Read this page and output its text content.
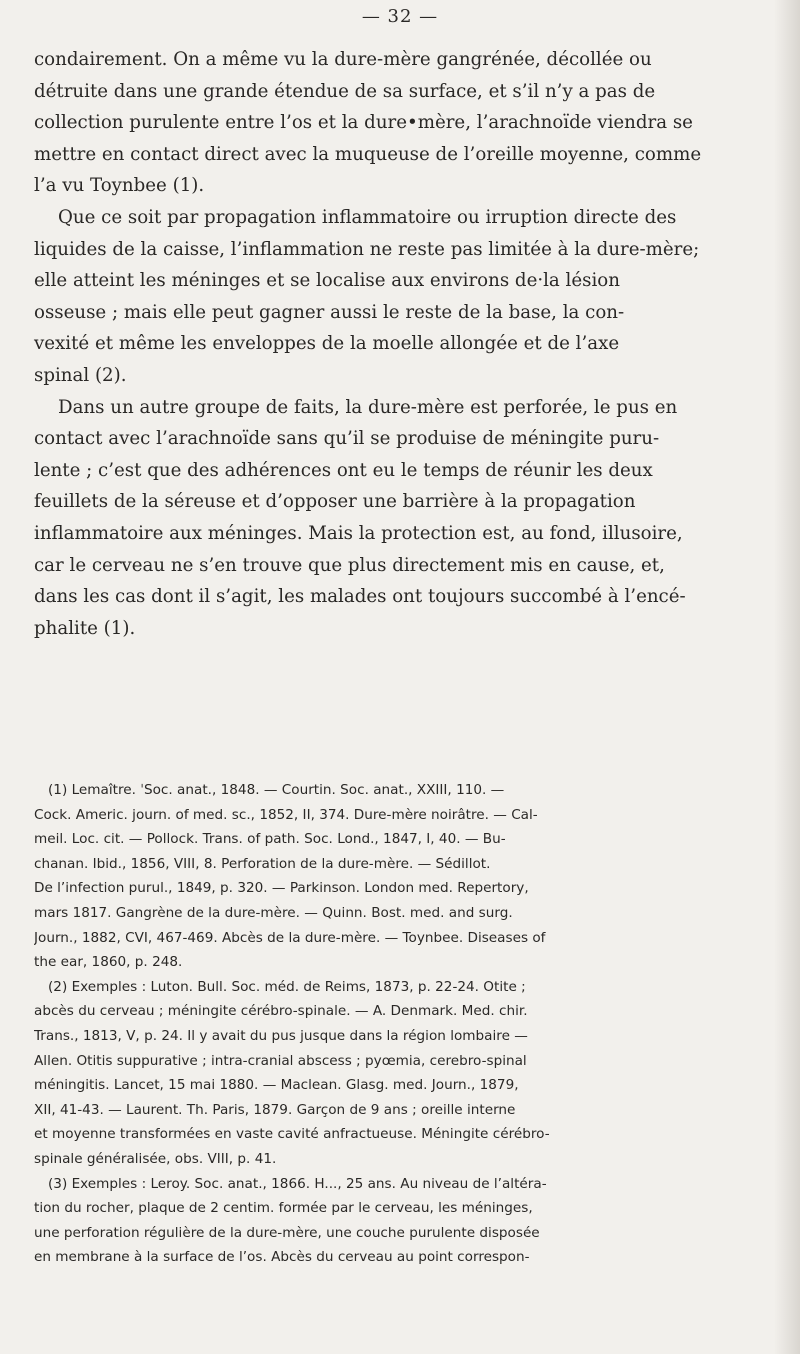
— 32 —

condairement. On a même vu la dure-mère gangrénée, décollée ou
détruite dans une grande étendue de sa surface, et s’il n’y a pas de
collection purulente entre l’os et la dure•mère, l’arachnoïde viendra se
mettre en contact direct avec la muqueuse de l’oreille moyenne, comme
l’a vu Toynbee (1).

Que ce soit par propagation inflammatoire ou irruption directe des
liquides de la caisse, l’inflammation ne reste pas limitée à la dure-mère;
elle atteint les méninges et se localise aux environs de·la lésion
osseuse ; mais elle peut gagner aussi le reste de la base, la con-
vexité et même les enveloppes de la moelle allongée et de l’axe
spinal (2).

Dans un autre groupe de faits, la dure-mère est perforée, le pus en
contact avec l’arachnoïde sans qu’il se produise de méningite puru-
lente ; c’est que des adhérences ont eu le temps de réunir les deux
feuillets de la séreuse et d’opposer une barrière à la propagation
inflammatoire aux méninges. Mais la protection est, au fond, illusoire,
car le cerveau ne s’en trouve que plus directement mis en cause, et,
dans les cas dont il s’agit, les malades ont toujours succombé à l’encé-
phalite (1).

(1) Lemaître. ˈSoc. anat., 1848. — Courtin. Soc. anat., XXIII, 110. —
Cock. Americ. journ. of med. sc., 1852, II, 374. Dure-mère noirâtre. — Cal-
meil. Loc. cit. — Pollock. Trans. of path. Soc. Lond., 1847, I, 40. — Bu-
chanan. Ibid., 1856, VIII, 8. Perforation de la dure-mère. — Sédillot.
De l’infection purul., 1849, p. 320. — Parkinson. London med. Repertory,
mars 1817. Gangrène de la dure-mère. — Quinn. Bost. med. and surg.
Journ., 1882, CVI, 467-469. Abcès de la dure-mère. — Toynbee. Diseases of
the ear, 1860, p. 248.
(2) Exemples : Luton. Bull. Soc. méd. de Reims, 1873, p. 22-24. Otite ;
abcès du cerveau ; méningite cérébro-spinale. — A. Denmark. Med. chir.
Trans., 1813, V, p. 24. Il y avait du pus jusque dans la région lombaire —
Allen. Otitis suppurative ; intra-cranial abscess ; pyœmia, cerebro-spinal
méningitis. Lancet, 15 mai 1880. — Maclean. Glasg. med. Journ., 1879,
XII, 41-43. — Laurent. Th. Paris, 1879. Garçon de 9 ans ; oreille interne
et moyenne transformées en vaste cavité anfractueuse. Méningite cérébro-
spinale généralisée, obs. VIII, p. 41.
(3) Exemples : Leroy. Soc. anat., 1866. H..., 25 ans. Au niveau de l’altéra-
tion du rocher, plaque de 2 centim. formée par le cerveau, les méninges,
une perforation régulière de la dure-mère, une couche purulente disposée
en membrane à la surface de l’os. Abcès du cerveau au point correspon-
